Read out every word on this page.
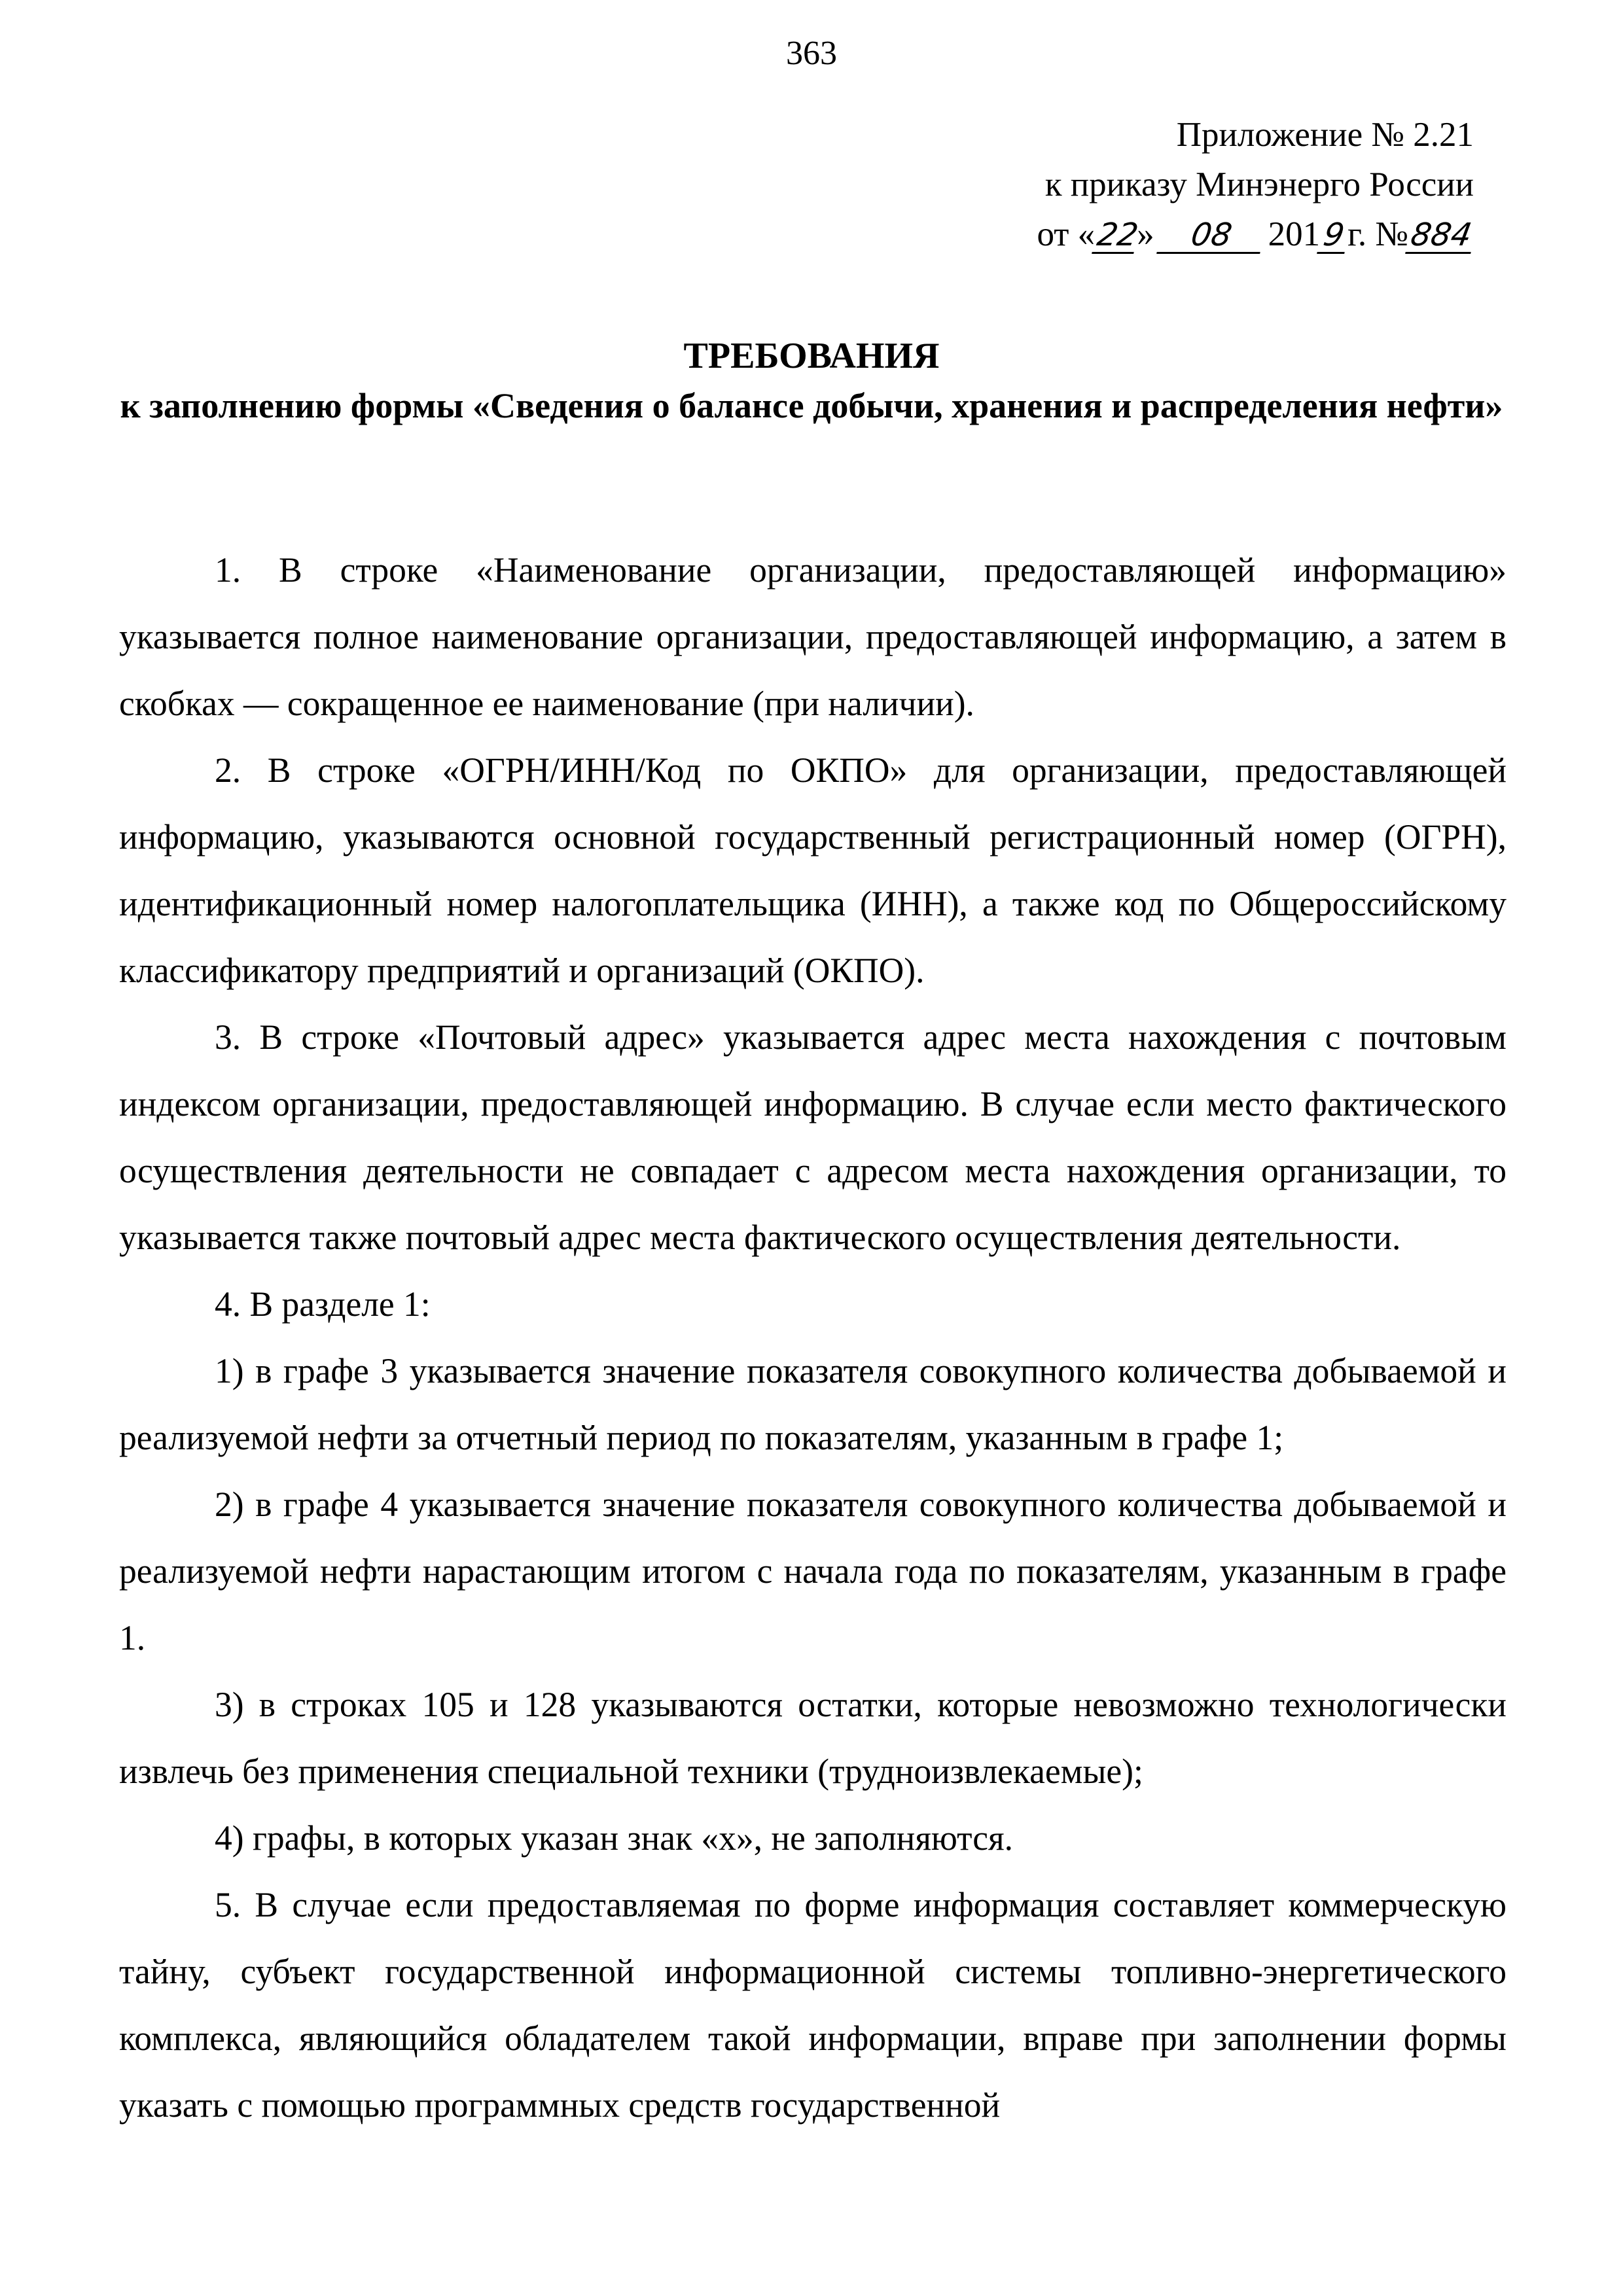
363
Приложение № 2.21
к приказу Минэнерго России
от «22» 08 2019г. №884
ТРЕБОВАНИЯ
к заполнению формы «Сведения о балансе добычи, хранения и распределения нефти»

1. В строке «Наименование организации, предоставляющей информацию» указывается полное наименование организации, предоставляющей информацию, а затем в скобках — сокращенное ее наименование (при наличии).

2. В строке «ОГРН/ИНН/Код по ОКПО» для организации, предоставляющей информацию, указываются основной государственный регистрационный номер (ОГРН), идентификационный номер налогоплательщика (ИНН), а также код по Общероссийскому классификатору предприятий и организаций (ОКПО).

3. В строке «Почтовый адрес» указывается адрес места нахождения с почтовым индексом организации, предоставляющей информацию. В случае если место фактического осуществления деятельности не совпадает с адресом места нахождения организации, то указывается также почтовый адрес места фактического осуществления деятельности.

4. В разделе 1:

1) в графе 3 указывается значение показателя совокупного количества добываемой и реализуемой нефти за отчетный период по показателям, указанным в графе 1;

2) в графе 4 указывается значение показателя совокупного количества добываемой и реализуемой нефти нарастающим итогом с начала года по показателям, указанным в графе 1.

3) в строках 105 и 128 указываются остатки, которые невозможно технологически извлечь без применения специальной техники (трудноизвлекаемые);

4) графы, в которых указан знак «х», не заполняются.

5. В случае если предоставляемая по форме информация составляет коммерческую тайну, субъект государственной информационной системы топливно-энергетического комплекса, являющийся обладателем такой информации, вправе при заполнении формы указать с помощью программных средств государственной
